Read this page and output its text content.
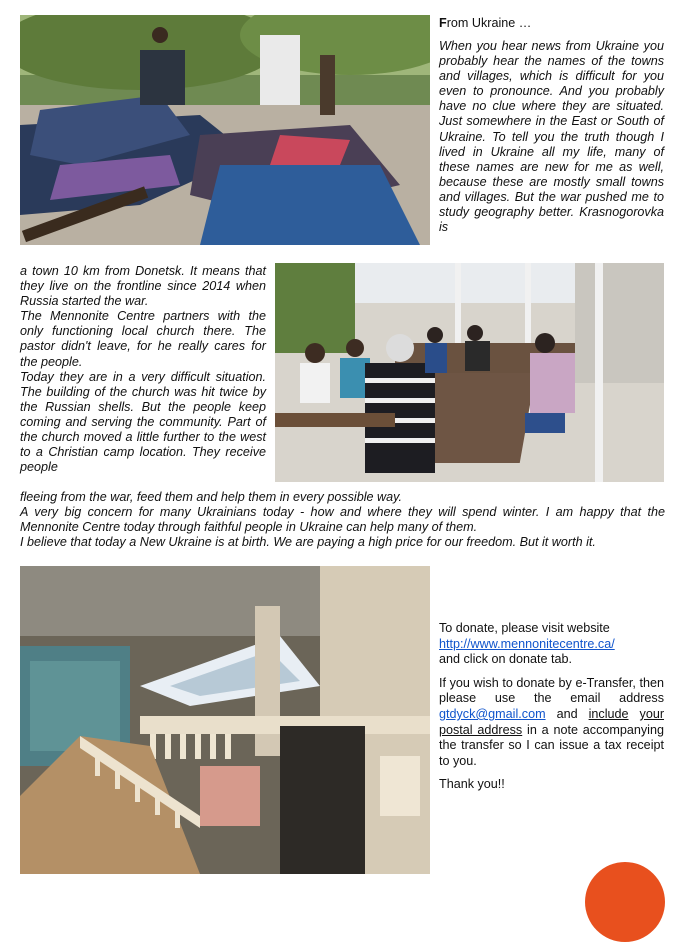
From Ukraine …

When you hear news from Ukraine you probably hear the names of the towns and villages, which is difficult for you even to pronounce. And you probably have no clue where they are situated. Just somewhere in the East or South of Ukraine. To tell you the truth though I lived in Ukraine all my life, many of these names are new for me as well, because these are mostly small towns and villages. But the war pushed me to study geography better. Krasnogorovka is

a town 10 km from Donetsk. It means that they live on the frontline since 2014 when Russia started the war.

The Mennonite Centre partners with the only functioning local church there. The pastor didn't leave, for he really cares for the people.

Today they are in a very difficult situation. The building of the church was hit twice by the Russian shells. But the people keep coming and serving the community. Part of the church moved a little further to the west to a Christian camp location. They receive people

fleeing from the war, feed them and help them in every possible way.

A very big concern for many Ukrainians today - how and where they will spend winter. I am happy that the Mennonite Centre today through faithful people in Ukraine can help many of them.

I believe that today a New Ukraine is at birth. We are paying a high price for our freedom. But it worth it.

To donate, please visit website
http://www.mennonitecentre.ca/
and click on donate tab.

If you wish to donate by e-Transfer, then please use the email address gtdyck@gmail.com and include your postal address in a note accompanying the transfer so I can issue a tax receipt to you.

Thank you!!
